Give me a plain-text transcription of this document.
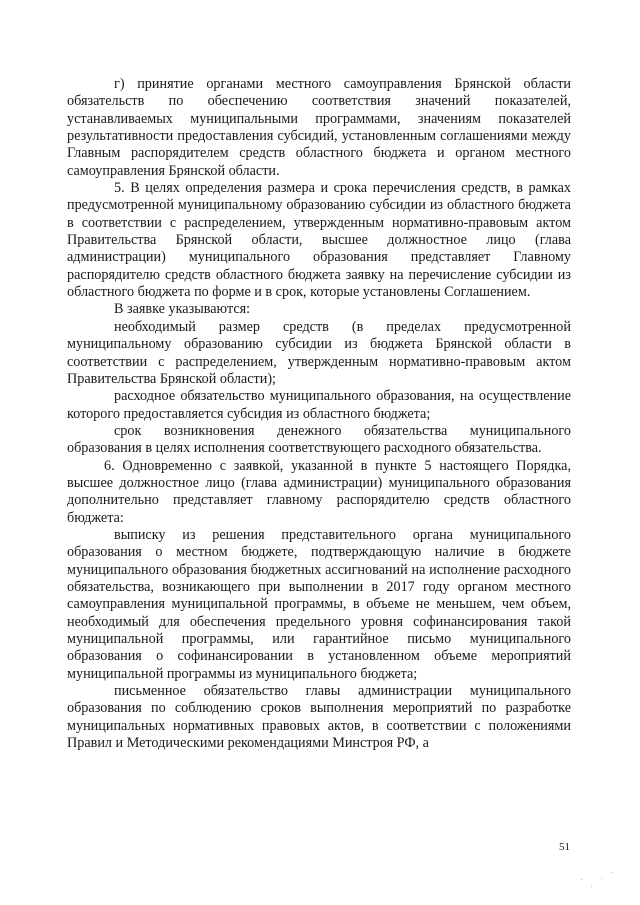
г) принятие органами местного самоуправления Брянской области обязательств по обеспечению соответствия значений показателей, устанавливаемых муниципальными программами, значениям показателей результативности предоставления субсидий, установленным соглашениями между Главным распорядителем средств областного бюджета и органом местного самоуправления Брянской области.

5. В целях определения размера и срока перечисления средств, в рамках предусмотренной муниципальному образованию субсидии из областного бюджета в соответствии с распределением, утвержденным нормативно-правовым актом Правительства Брянской области, высшее должностное лицо (глава администрации) муниципального образования представляет Главному распорядителю средств областного бюджета заявку на перечисление субсидии из областного бюджета по форме и в срок, которые установлены Соглашением.

В заявке указываются:

необходимый размер средств (в пределах предусмотренной муниципальному образованию субсидии из бюджета Брянской области в соответствии с распределением, утвержденным нормативно-правовым актом Правительства Брянской области);

расходное обязательство муниципального образования, на осуществление которого предоставляется субсидия из областного бюджета;

срок возникновения денежного обязательства муниципального образования в целях исполнения соответствующего расходного обязательства.

6. Одновременно с заявкой, указанной в пункте 5 настоящего Порядка, высшее должностное лицо (глава администрации) муниципального образования дополнительно представляет главному распорядителю средств областного бюджета:

выписку из решения представительного органа муниципального образования о местном бюджете, подтверждающую наличие в бюджете муниципального образования бюджетных ассигнований на исполнение расходного обязательства, возникающего при выполнении в 2017 году органом местного самоуправления муниципальной программы, в объеме не меньшем, чем объем, необходимый для обеспечения предельного уровня софинансирования такой муниципальной программы, или гарантийное письмо муниципального образования о софинансировании в установленном объеме мероприятий муниципальной программы из муниципального бюджета;

письменное обязательство главы администрации муниципального образования по соблюдению сроков выполнения мероприятий по разработке муниципальных нормативных правовых актов, в соответствии с положениями Правил и Методическими рекомендациями Минстроя РФ, а

51
